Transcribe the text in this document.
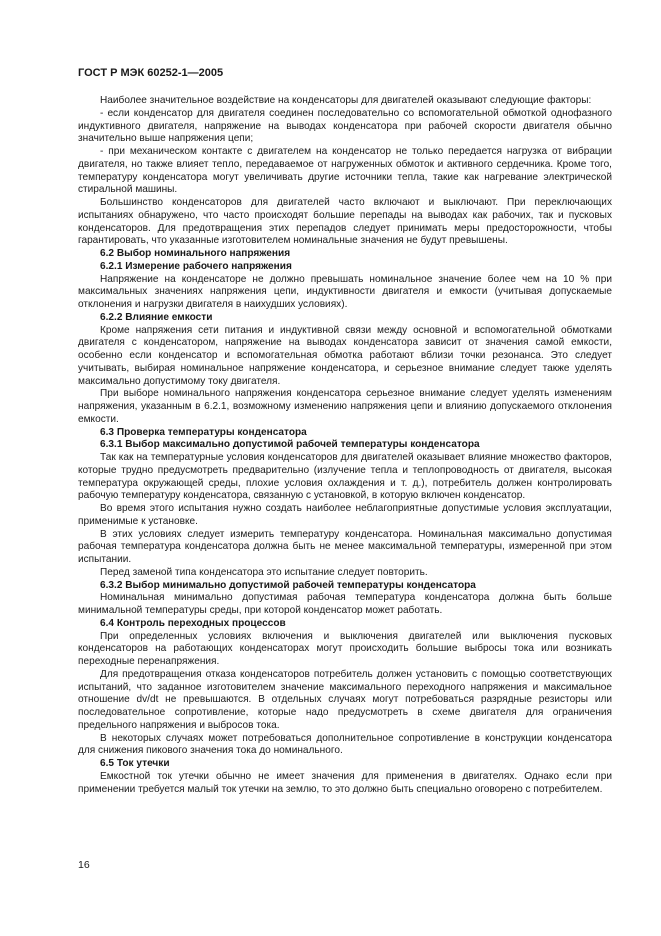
ГОСТ Р МЭК 60252-1—2005

Наиболее значительное воздействие на конденсаторы для двигателей оказывают следующие факторы:

- если конденсатор для двигателя соединен последовательно со вспомогательной обмоткой однофазного индуктивного двигателя, напряжение на выводах конденсатора при рабочей скорости двигателя обычно значительно выше напряжения цепи;

- при механическом контакте с двигателем на конденсатор не только передается нагрузка от вибрации двигателя, но также влияет тепло, передаваемое от нагруженных обмоток и активного сердечника. Кроме того, температуру конденсатора могут увеличивать другие источники тепла, такие как нагревание электрической стиральной машины.

Большинство конденсаторов для двигателей часто включают и выключают. При переключающих испытаниях обнаружено, что часто происходят большие перепады на выводах как рабочих, так и пусковых конденсаторов. Для предотвращения этих перепадов следует принимать меры предосторожности, чтобы гарантировать, что указанные изготовителем номинальные значения не будут превышены.

6.2 Выбор номинального напряжения

6.2.1 Измерение рабочего напряжения

Напряжение на конденсаторе не должно превышать номинальное значение более чем на 10 % при максимальных значениях напряжения цепи, индуктивности двигателя и емкости (учитывая допускаемые отклонения и нагрузки двигателя в наихудших условиях).

6.2.2 Влияние емкости

Кроме напряжения сети питания и индуктивной связи между основной и вспомогательной обмотками двигателя с конденсатором, напряжение на выводах конденсатора зависит от значения самой емкости, особенно если конденсатор и вспомогательная обмотка работают вблизи точки резонанса. Это следует учитывать, выбирая номинальное напряжение конденсатора, и серьезное внимание следует также уделять максимально допустимому току двигателя.

При выборе номинального напряжения конденсатора серьезное внимание следует уделять изменениям напряжения, указанным в 6.2.1, возможному изменению напряжения цепи и влиянию допускаемого отклонения емкости.

6.3 Проверка температуры конденсатора

6.3.1 Выбор максимально допустимой рабочей температуры конденсатора

Так как на температурные условия конденсаторов для двигателей оказывает влияние множество факторов, которые трудно предусмотреть предварительно (излучение тепла и теплопроводность от двигателя, высокая температура окружающей среды, плохие условия охлаждения и т. д.), потребитель должен контролировать рабочую температуру конденсатора, связанную с установкой, в которую включен конденсатор.

Во время этого испытания нужно создать наиболее неблагоприятные допустимые условия эксплуатации, применимые к установке.

В этих условиях следует измерить температуру конденсатора. Номинальная максимально допустимая рабочая температура конденсатора должна быть не менее максимальной температуры, измеренной при этом испытании.

Перед заменой типа конденсатора это испытание следует повторить.

6.3.2 Выбор минимально допустимой рабочей температуры конденсатора

Номинальная минимально допустимая рабочая температура конденсатора должна быть больше минимальной температуры среды, при которой конденсатор может работать.

6.4 Контроль переходных процессов

При определенных условиях включения и выключения двигателей или выключения пусковых конденсаторов на работающих конденсаторах могут происходить большие выбросы тока или возникать переходные перенапряжения.

Для предотвращения отказа конденсаторов потребитель должен установить с помощью соответствующих испытаний, что заданное изготовителем значение максимального переходного напряжения и максимальное отношение dv/dt не превышаются. В отдельных случаях могут потребоваться разрядные резисторы или последовательное сопротивление, которые надо предусмотреть в схеме двигателя для ограничения предельного напряжения и выбросов тока.

В некоторых случаях может потребоваться дополнительное сопротивление в конструкции конденсатора для снижения пикового значения тока до номинального.

6.5 Ток утечки

Емкостной ток утечки обычно не имеет значения для применения в двигателях. Однако если при применении требуется малый ток утечки на землю, то это должно быть специально оговорено с потребителем.

16
